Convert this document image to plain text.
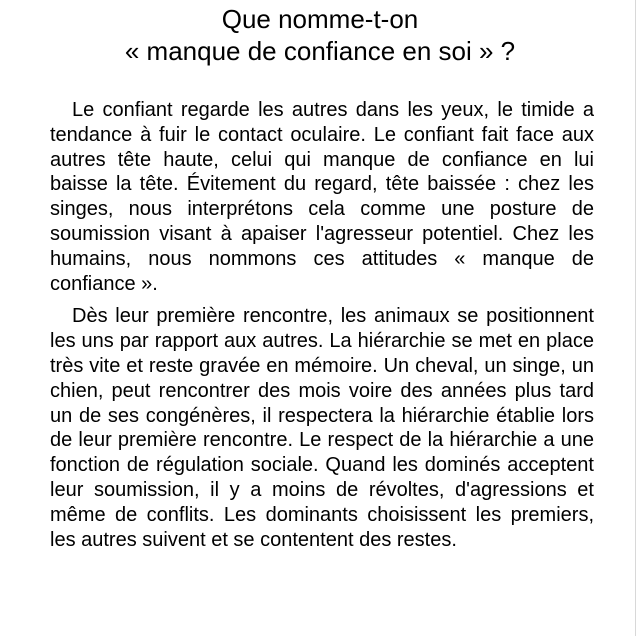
Que nomme-t-on
« manque de confiance en soi » ?

Le confiant regarde les autres dans les yeux, le timide a tendance à fuir le contact oculaire. Le confiant fait face aux autres tête haute, celui qui manque de confiance en lui baisse la tête. Évitement du regard, tête baissée : chez les singes, nous interprétons cela comme une posture de soumission visant à apaiser l'agresseur potentiel. Chez les humains, nous nommons ces attitudes « manque de confiance ».

Dès leur première rencontre, les animaux se positionnent les uns par rapport aux autres. La hiérarchie se met en place très vite et reste gravée en mémoire. Un cheval, un singe, un chien, peut rencontrer des mois voire des années plus tard un de ses congénères, il respectera la hiérarchie établie lors de leur première rencontre. Le respect de la hiérarchie a une fonction de régulation sociale. Quand les dominés acceptent leur soumission, il y a moins de révoltes, d'agressions et même de conflits. Les dominants choisissent les premiers, les autres suivent et se contentent des restes.
